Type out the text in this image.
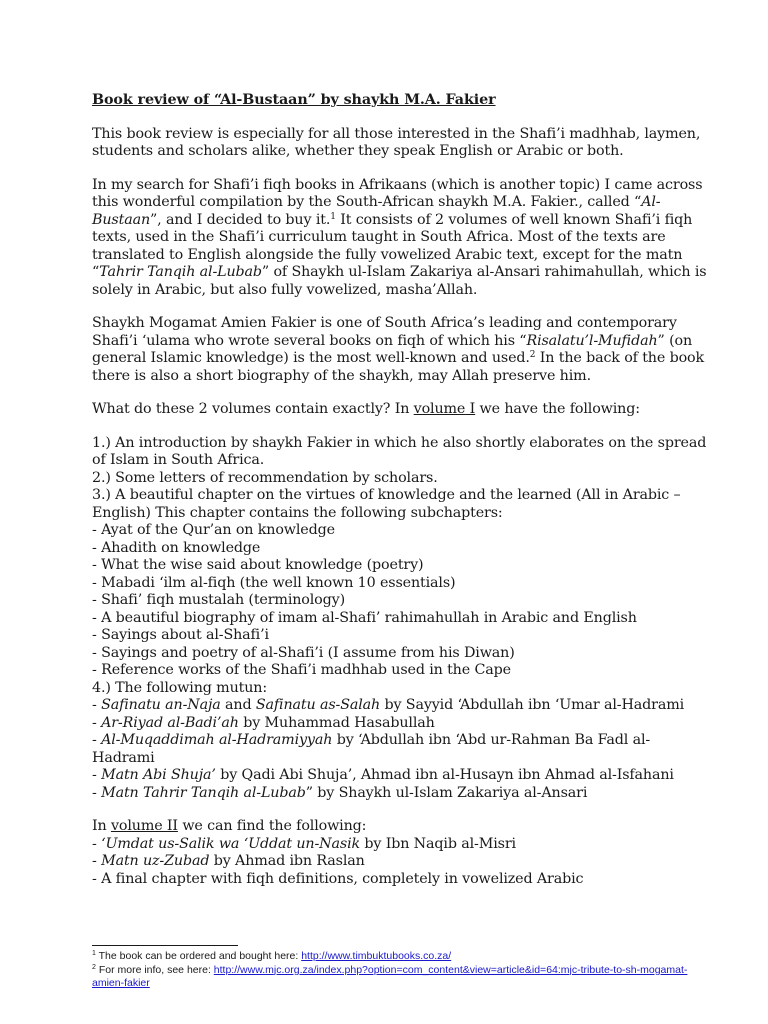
Book review of “Al-Bustaan” by shaykh M.A. Fakier

This book review is especially for all those interested in the Shafi’i madhhab, laymen, students and scholars alike, whether they speak English or Arabic or both.

In my search for Shafi’i fiqh books in Afrikaans (which is another topic) I came across this wonderful compilation by the South-African shaykh M.A. Fakier., called “Al-Bustaan”, and I decided to buy it.$^1$ It consists of 2 volumes of well known Shafi’i fiqh texts, used in the Shafi’i curriculum taught in South Africa. Most of the texts are translated to English alongside the fully vowelized Arabic text, except for the matn “Tahrir Tanqih al-Lubab” of Shaykh ul-Islam Zakariya al-Ansari rahimahullah, which is solely in Arabic, but also fully vowelized, masha’Allah.

Shaykh Mogamat Amien Fakier is one of South Africa’s leading and contemporary Shafi’i ‘ulama who wrote several books on fiqh of which his “Risalatu’l-Mufidah” (on general Islamic knowledge) is the most well-known and used.$^2$ In the back of the book there is also a short biography of the shaykh, may Allah preserve him.

What do these 2 volumes contain exactly? In volume I we have the following:

1.) An introduction by shaykh Fakier in which he also shortly elaborates on the spread of Islam in South Africa.
2.) Some letters of recommendation by scholars.
3.) A beautiful chapter on the virtues of knowledge and the learned (All in Arabic – English) This chapter contains the following subchapters:
- Ayat of the Qur’an on knowledge
- Ahadith on knowledge
- What the wise said about knowledge (poetry)
- Mabadi ‘ilm al-fiqh (the well known 10 essentials)
- Shafi’ fiqh mustalah (terminology)
- A beautiful biography of imam al-Shafi’ rahimahullah in Arabic and English
- Sayings about al-Shafi’i
- Sayings and poetry of al-Shafi’i (I assume from his Diwan)
- Reference works of the Shafi’i madhhab used in the Cape
4.) The following mutun:
- Safinatu an-Naja and Safinatu as-Salah by Sayyid ‘Abdullah ibn ‘Umar al-Hadrami
- Ar-Riyad al-Badi’ah by Muhammad Hasabullah
- Al-Muqaddimah al-Hadramiyyah by ‘Abdullah ibn ‘Abd ur-Rahman Ba Fadl al-Hadrami
- Matn Abi Shuja’ by Qadi Abi Shuja’, Ahmad ibn al-Husayn ibn Ahmad al-Isfahani
- Matn Tahrir Tanqih al-Lubab” by Shaykh ul-Islam Zakariya al-Ansari
In volume II we can find the following:
- ‘Umdat us-Salik wa ‘Uddat un-Nasik by Ibn Naqib al-Misri
- Matn uz-Zubad by Ahmad ibn Raslan
- A final chapter with fiqh definitions, completely in vowelized Arabic
$^1$ The book can be ordered and bought here: http://www.timbuktubooks.co.za/
$^2$ For more info, see here: http://www.mjc.org.za/index.php?option=com_content&view=article&id=64:mjc-tribute-to-sh-mogamat-amien-fakier
